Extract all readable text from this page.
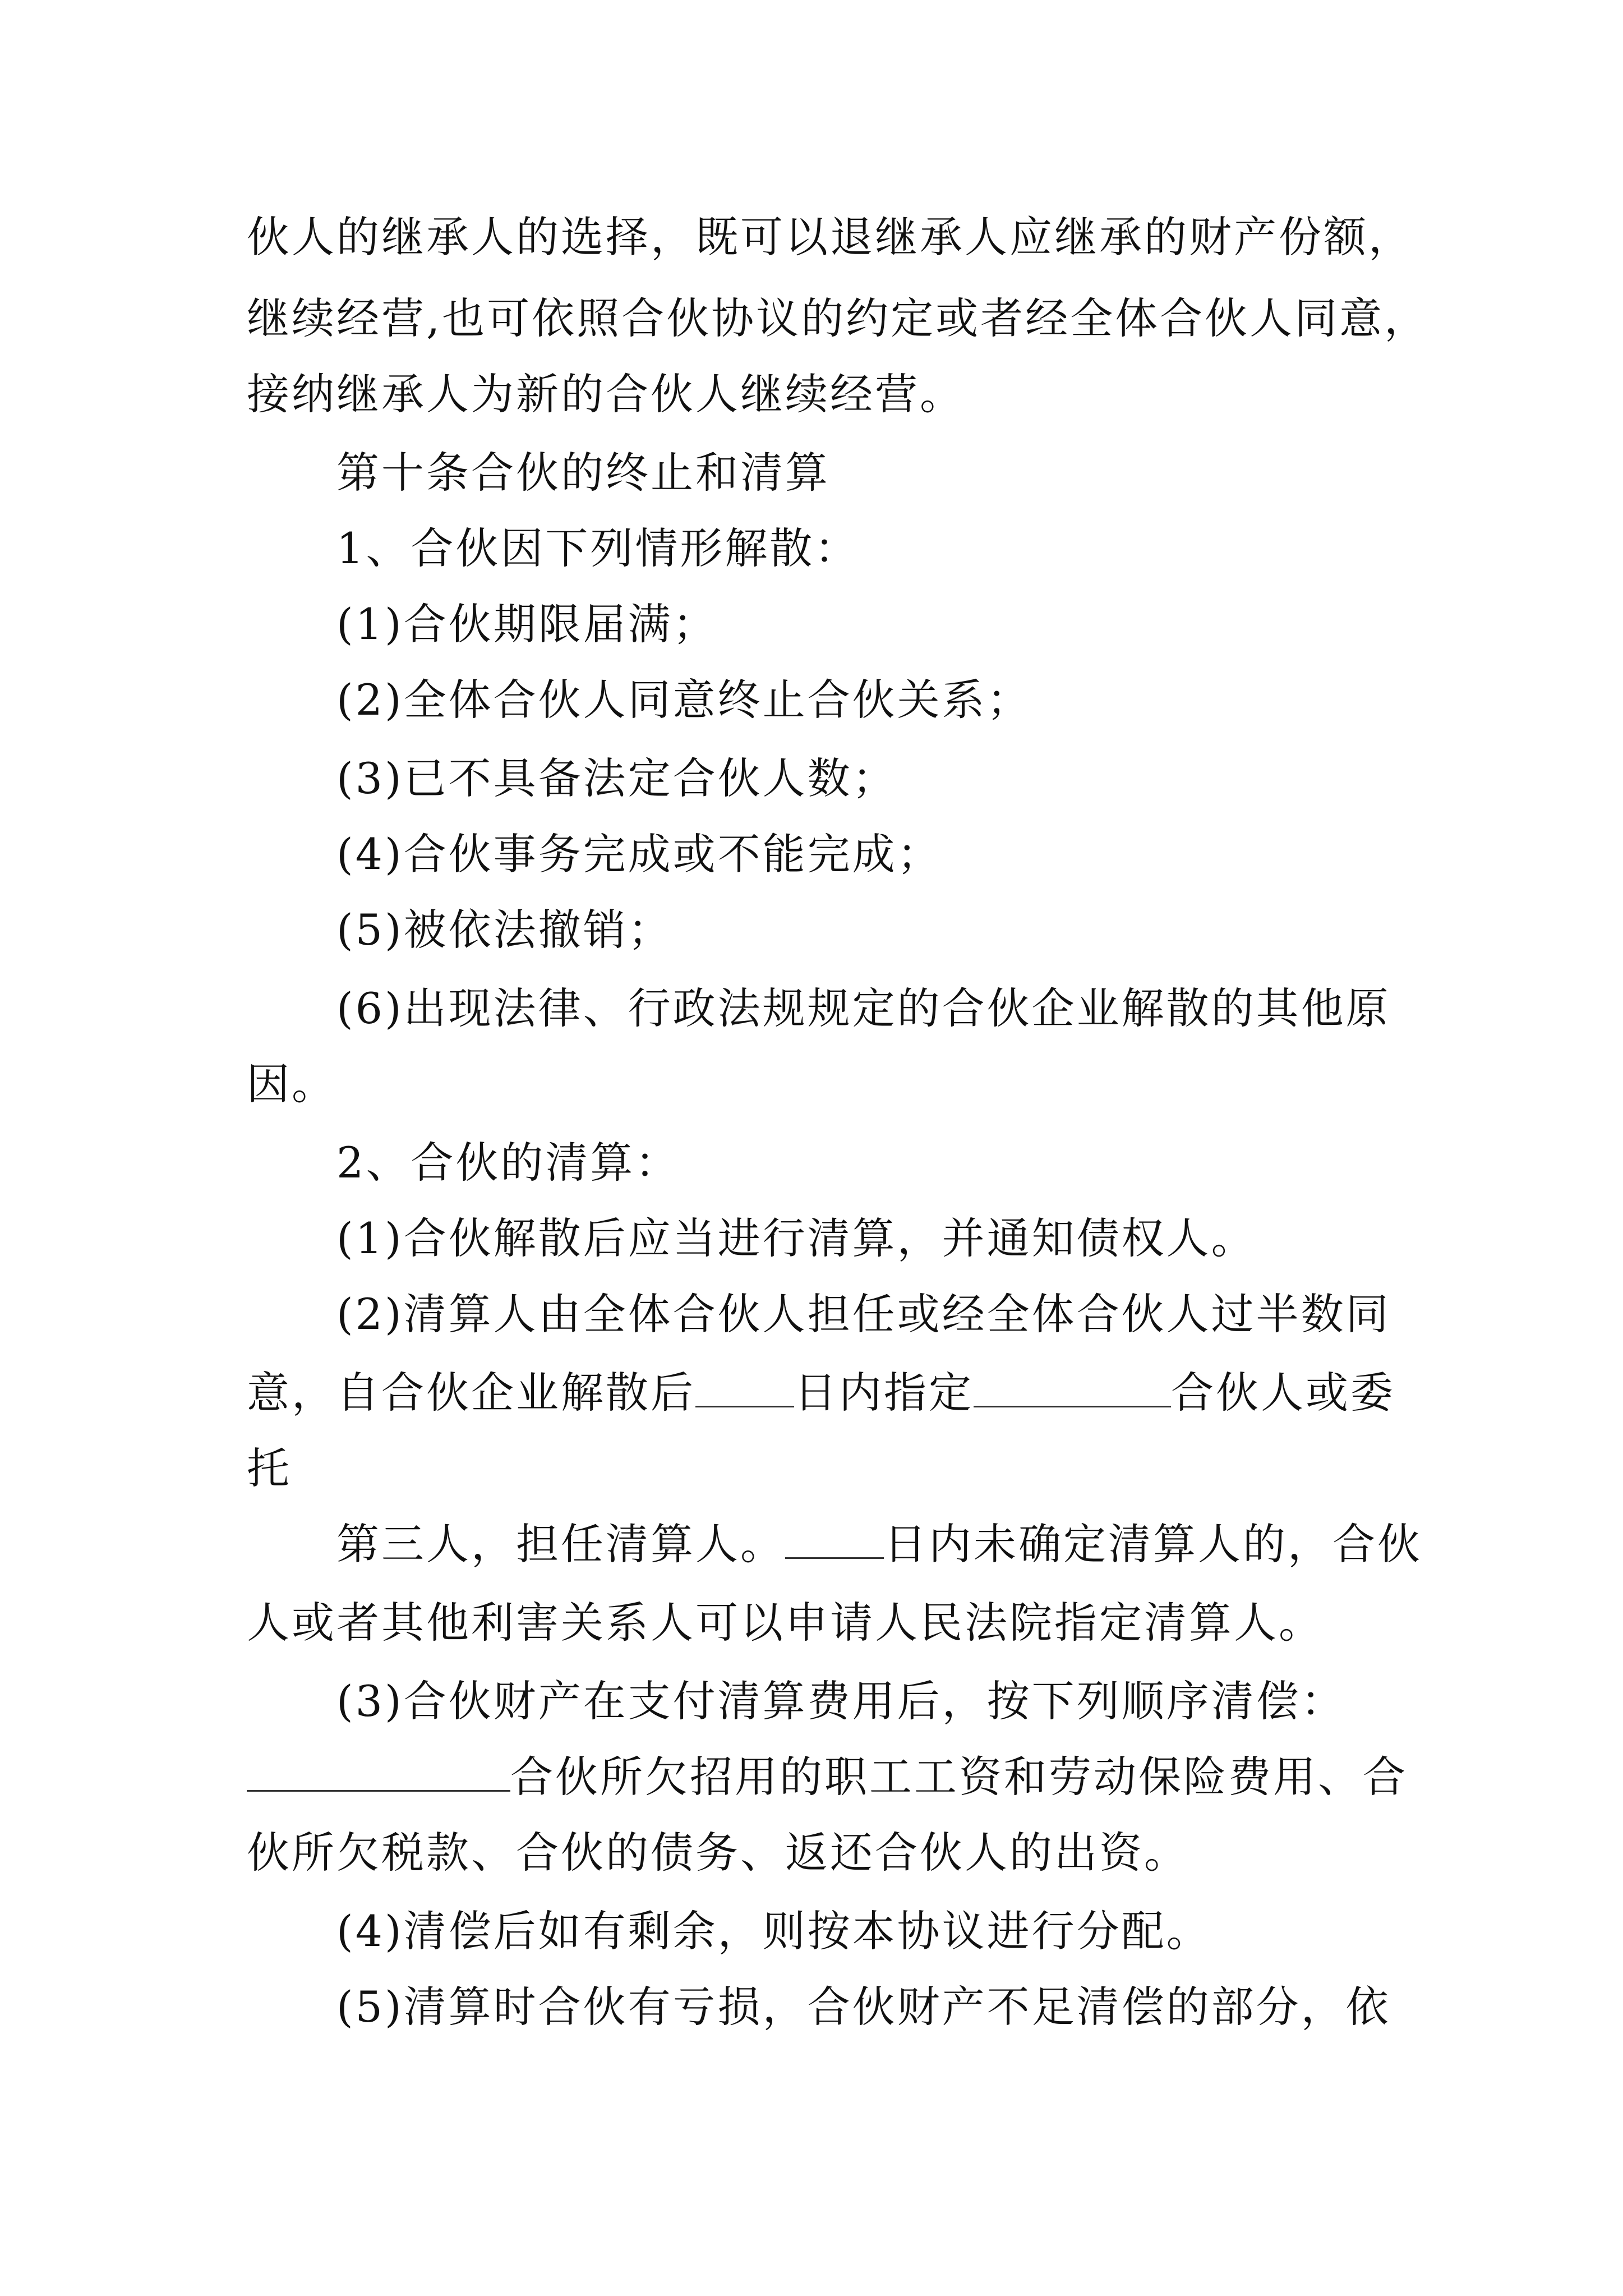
伙人的继承人的选择，既可以退继承人应继承的财产份额，
继续经营,也可依照合伙协议的约定或者经全体合伙人同意，
接纳继承人为新的合伙人继续经营。
第十条合伙的终止和清算
1、合伙因下列情形解散：
(1)合伙期限届满；
(2)全体合伙人同意终止合伙关系；
(3)已不具备法定合伙人数；
(4)合伙事务完成或不能完成；
(5)被依法撤销；
(6)出现法律、行政法规规定的合伙企业解散的其他原
因。
2、合伙的清算：
(1)合伙解散后应当进行清算，并通知债权人。
(2)清算人由全体合伙人担任或经全体合伙人过半数同
意，自合伙企业解散后 日内指定	合伙人或委
托
第三人，担任清算人。 日内未确定清算人的，合伙
人或者其他利害关系人可以申请人民法院指定清算人。
(3)合伙财产在支付清算费用后，按下列顺序清偿：
合伙所欠招用的职工工资和劳动保险费用、合
伙所欠税款、合伙的债务、返还合伙人的出资。
(4)清偿后如有剩余，则按本协议进行分配。
(5)清算时合伙有亏损，合伙财产不足清偿的部分，依
